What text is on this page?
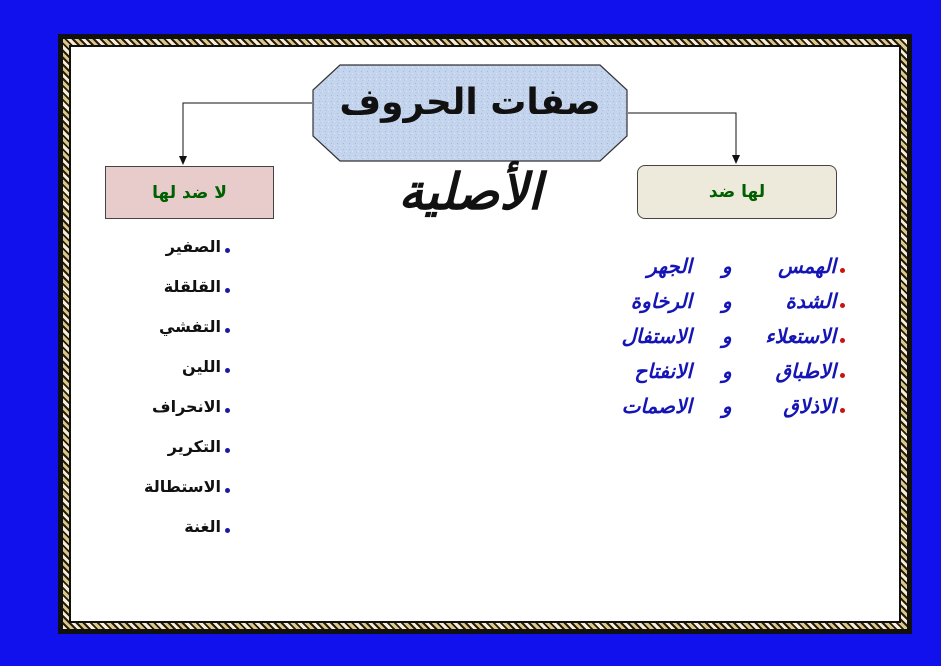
صفات الحروف
الأصلية
لا ضد لها	لها ضد
الصفير
القلقلة
التفشي
اللين
الانحراف
التكرير
الاستطالة
الغنة
الهمس
و
الجهر
الشدة
و
الرخاوة
الاستعلاء
و
الاستفال
الاطباق
و
الانفتاح
الاذلاق
و
الاصمات
